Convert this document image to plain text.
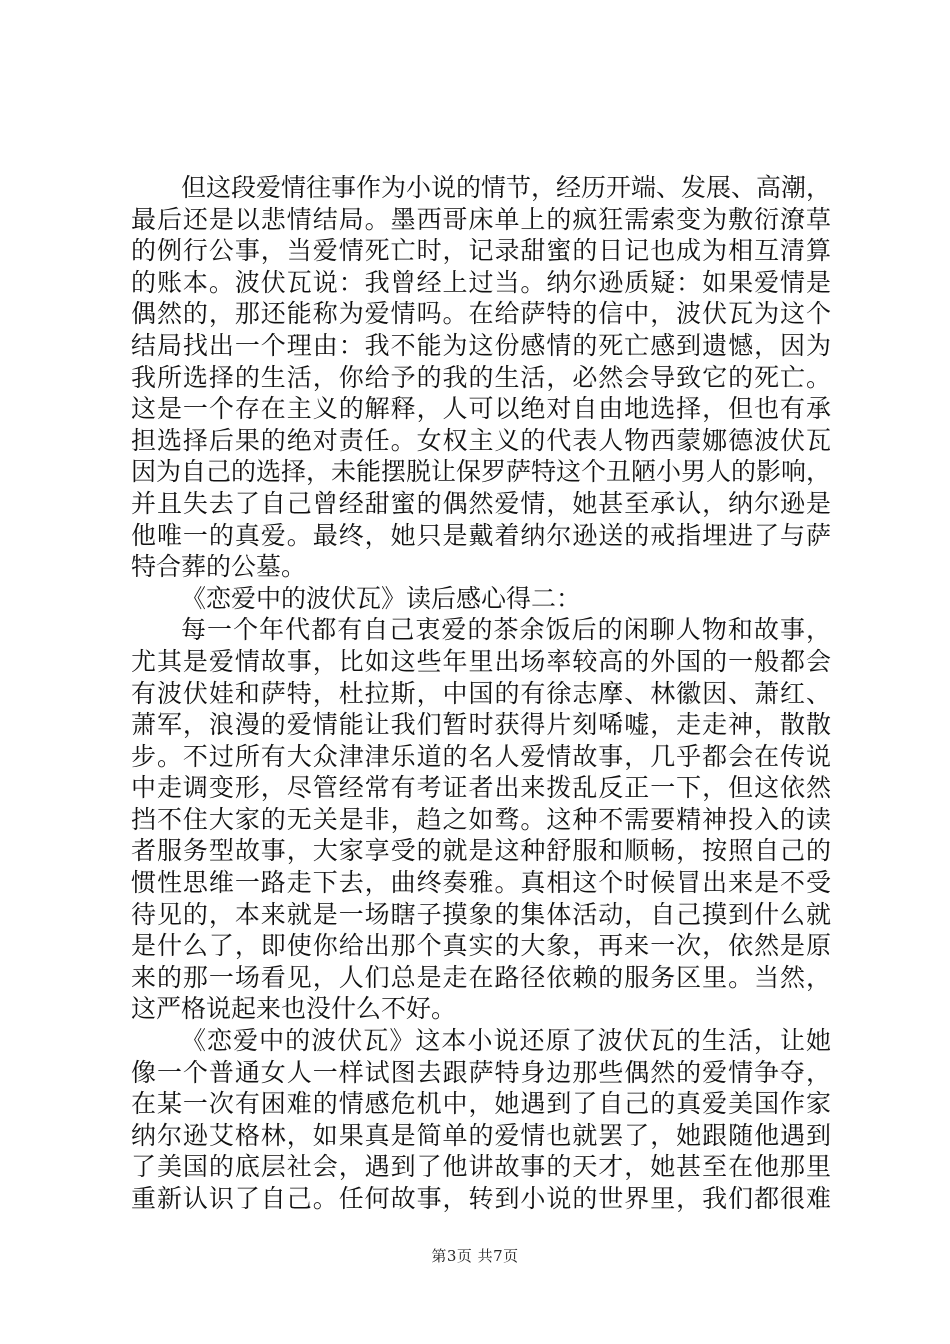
但这段爱情往事作为小说的情节，经历开端、发展、高潮，
最后还是以悲情结局。墨西哥床单上的疯狂需索变为敷衍潦草
的例行公事，当爱情死亡时，记录甜蜜的日记也成为相互清算
的账本。波伏瓦说：我曾经上过当。纳尔逊质疑：如果爱情是
偶然的，那还能称为爱情吗。在给萨特的信中，波伏瓦为这个
结局找出一个理由：我不能为这份感情的死亡感到遗憾，因为
我所选择的生活，你给予的我的生活，必然会导致它的死亡。
这是一个存在主义的解释，人可以绝对自由地选择，但也有承
担选择后果的绝对责任。女权主义的代表人物西蒙娜德波伏瓦
因为自己的选择，未能摆脱让保罗萨特这个丑陋小男人的影响，
并且失去了自己曾经甜蜜的偶然爱情，她甚至承认，纳尔逊是
他唯一的真爱。最终，她只是戴着纳尔逊送的戒指埋进了与萨
特合葬的公墓。
《恋爱中的波伏瓦》读后感心得二：
每一个年代都有自己衷爱的茶余饭后的闲聊人物和故事，
尤其是爱情故事，比如这些年里出场率较高的外国的一般都会
有波伏娃和萨特，杜拉斯，中国的有徐志摩、林徽因、萧红、
萧军，浪漫的爱情能让我们暂时获得片刻唏嘘，走走神，散散
步。不过所有大众津津乐道的名人爱情故事，几乎都会在传说
中走调变形，尽管经常有考证者出来拨乱反正一下，但这依然
挡不住大家的无关是非，趋之如骛。这种不需要精神投入的读
者服务型故事，大家享受的就是这种舒服和顺畅，按照自己的
惯性思维一路走下去，曲终奏雅。真相这个时候冒出来是不受
待见的，本来就是一场瞎子摸象的集体活动，自己摸到什么就
是什么了，即使你给出那个真实的大象，再来一次，依然是原
来的那一场看见，人们总是走在路径依赖的服务区里。当然，
这严格说起来也没什么不好。
《恋爱中的波伏瓦》这本小说还原了波伏瓦的生活，让她
像一个普通女人一样试图去跟萨特身边那些偶然的爱情争夺，
在某一次有困难的情感危机中，她遇到了自己的真爱美国作家
纳尔逊艾格林，如果真是简单的爱情也就罢了，她跟随他遇到
了美国的底层社会，遇到了他讲故事的天才，她甚至在他那里
重新认识了自己。任何故事，转到小说的世界里，我们都很难
第3页 共7页
